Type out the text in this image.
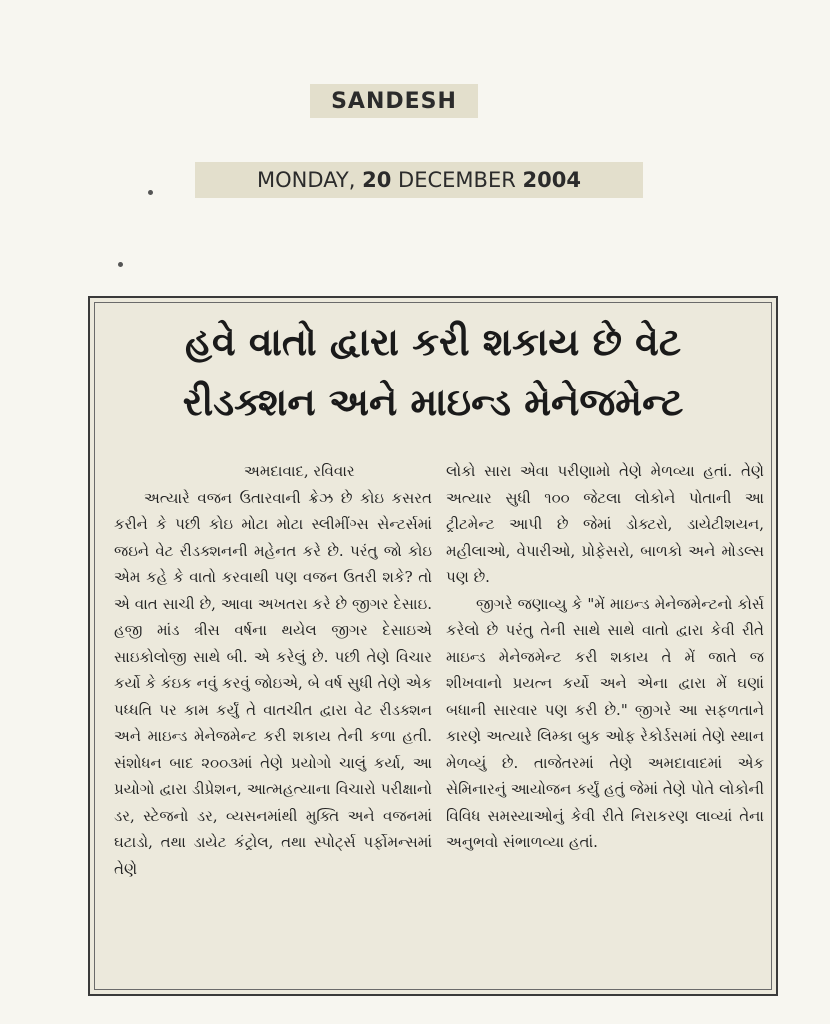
SANDESH
MONDAY,
20
DECEMBER
2004
હવે વાતો દ્વારા કરી શકાય છે વેટ
રીડક્શન અને માઇન્ડ મેનેજમેન્ટ

અમદાવાદ, રવિવાર

અત્યારે વજન ઉતારવાની ક્રેઝ છે કોઇ કસરત કરીને કે પછી કોઇ મોટા મોટા સ્લીમીંગ્સ સેન્ટર્સમાં જઇને વેટ રીડક્શનની મહેનત કરે છે. પરંતુ જો કોઇ એમ કહે કે વાતો કરવાથી પણ વજન ઉતરી શકે? તો એ વાત સાચી છે, આવા અખતરા કરે છે જીગર દેસાઇ. હજી માંડ ત્રીસ વર્ષના થયેલ જીગર દેસાઇએ સાઇકોલોજી સાથે બી. એ કરેલું છે. પછી તેણે વિચાર કર્યો કે કંઇક નવું કરવું જોઇએ, બે વર્ષ સુધી તેણે એક પધ્ધતિ પર કામ કર્યું તે વાતચીત દ્વારા વેટ રીડક્શન અને માઇન્ડ મેનેજમેન્ટ કરી શકાય તેની કળા હતી. સંશોધન બાદ ૨૦૦૩માં તેણે પ્રયોગો ચાલું કર્યા, આ પ્રયોગો દ્વારા ડીપ્રેશન, આત્મહત્યાના વિચારો પરીક્ષાનો ડર, સ્ટેજનો ડર, વ્યસનમાંથી મુક્તિ અને વજનમાં ઘટાડો, તથા ડાયેટ કંટ્રોલ, તથા સ્પોર્ટ્સ પર્ફોમન્સમાં તેણે

લોકો સારા એવા પરીણામો તેણે મેળવ્યા હતાં. તેણે અત્યાર સુધી ૧૦૦ જેટલા લોકોને પોતાની આ ટ્રીટમેન્ટ આપી છે જેમાં ડોક્ટરો, ડાયેટીશયન, મહીલાઓ, વેપારીઓ, પ્રોફેસરો, બાળકો અને મોડલ્સ પણ છે.

જીગરે જણાવ્યુ કે "મેં માઇન્ડ મેનેજમેન્ટનો કોર્સ કરેલો છે પરંતુ તેની સાથે સાથે વાતો દ્વારા કેવી રીતે માઇન્ડ મેનેજમેન્ટ કરી શકાય તે મેં જાતે જ શીખવાનો પ્રયત્ન કર્યો અને એના દ્વારા મેં ઘણાં બધાની સારવાર પણ કરી છે." જીગરે આ સફળતાને કારણે અત્યારે લિમ્કા બુક ઓફ રેકોર્ડસમાં તેણે સ્થાન મેળવ્યું છે. તાજેતરમાં તેણે અમદાવાદમાં એક સેમિનારનું આયોજન કર્યું હતું જેમાં તેણે પોતે લોકોની વિવિધ સમસ્યાઓનું કેવી રીતે નિરાકરણ લાવ્યાં તેના અનુભવો સંભાળવ્યા હતાં.
